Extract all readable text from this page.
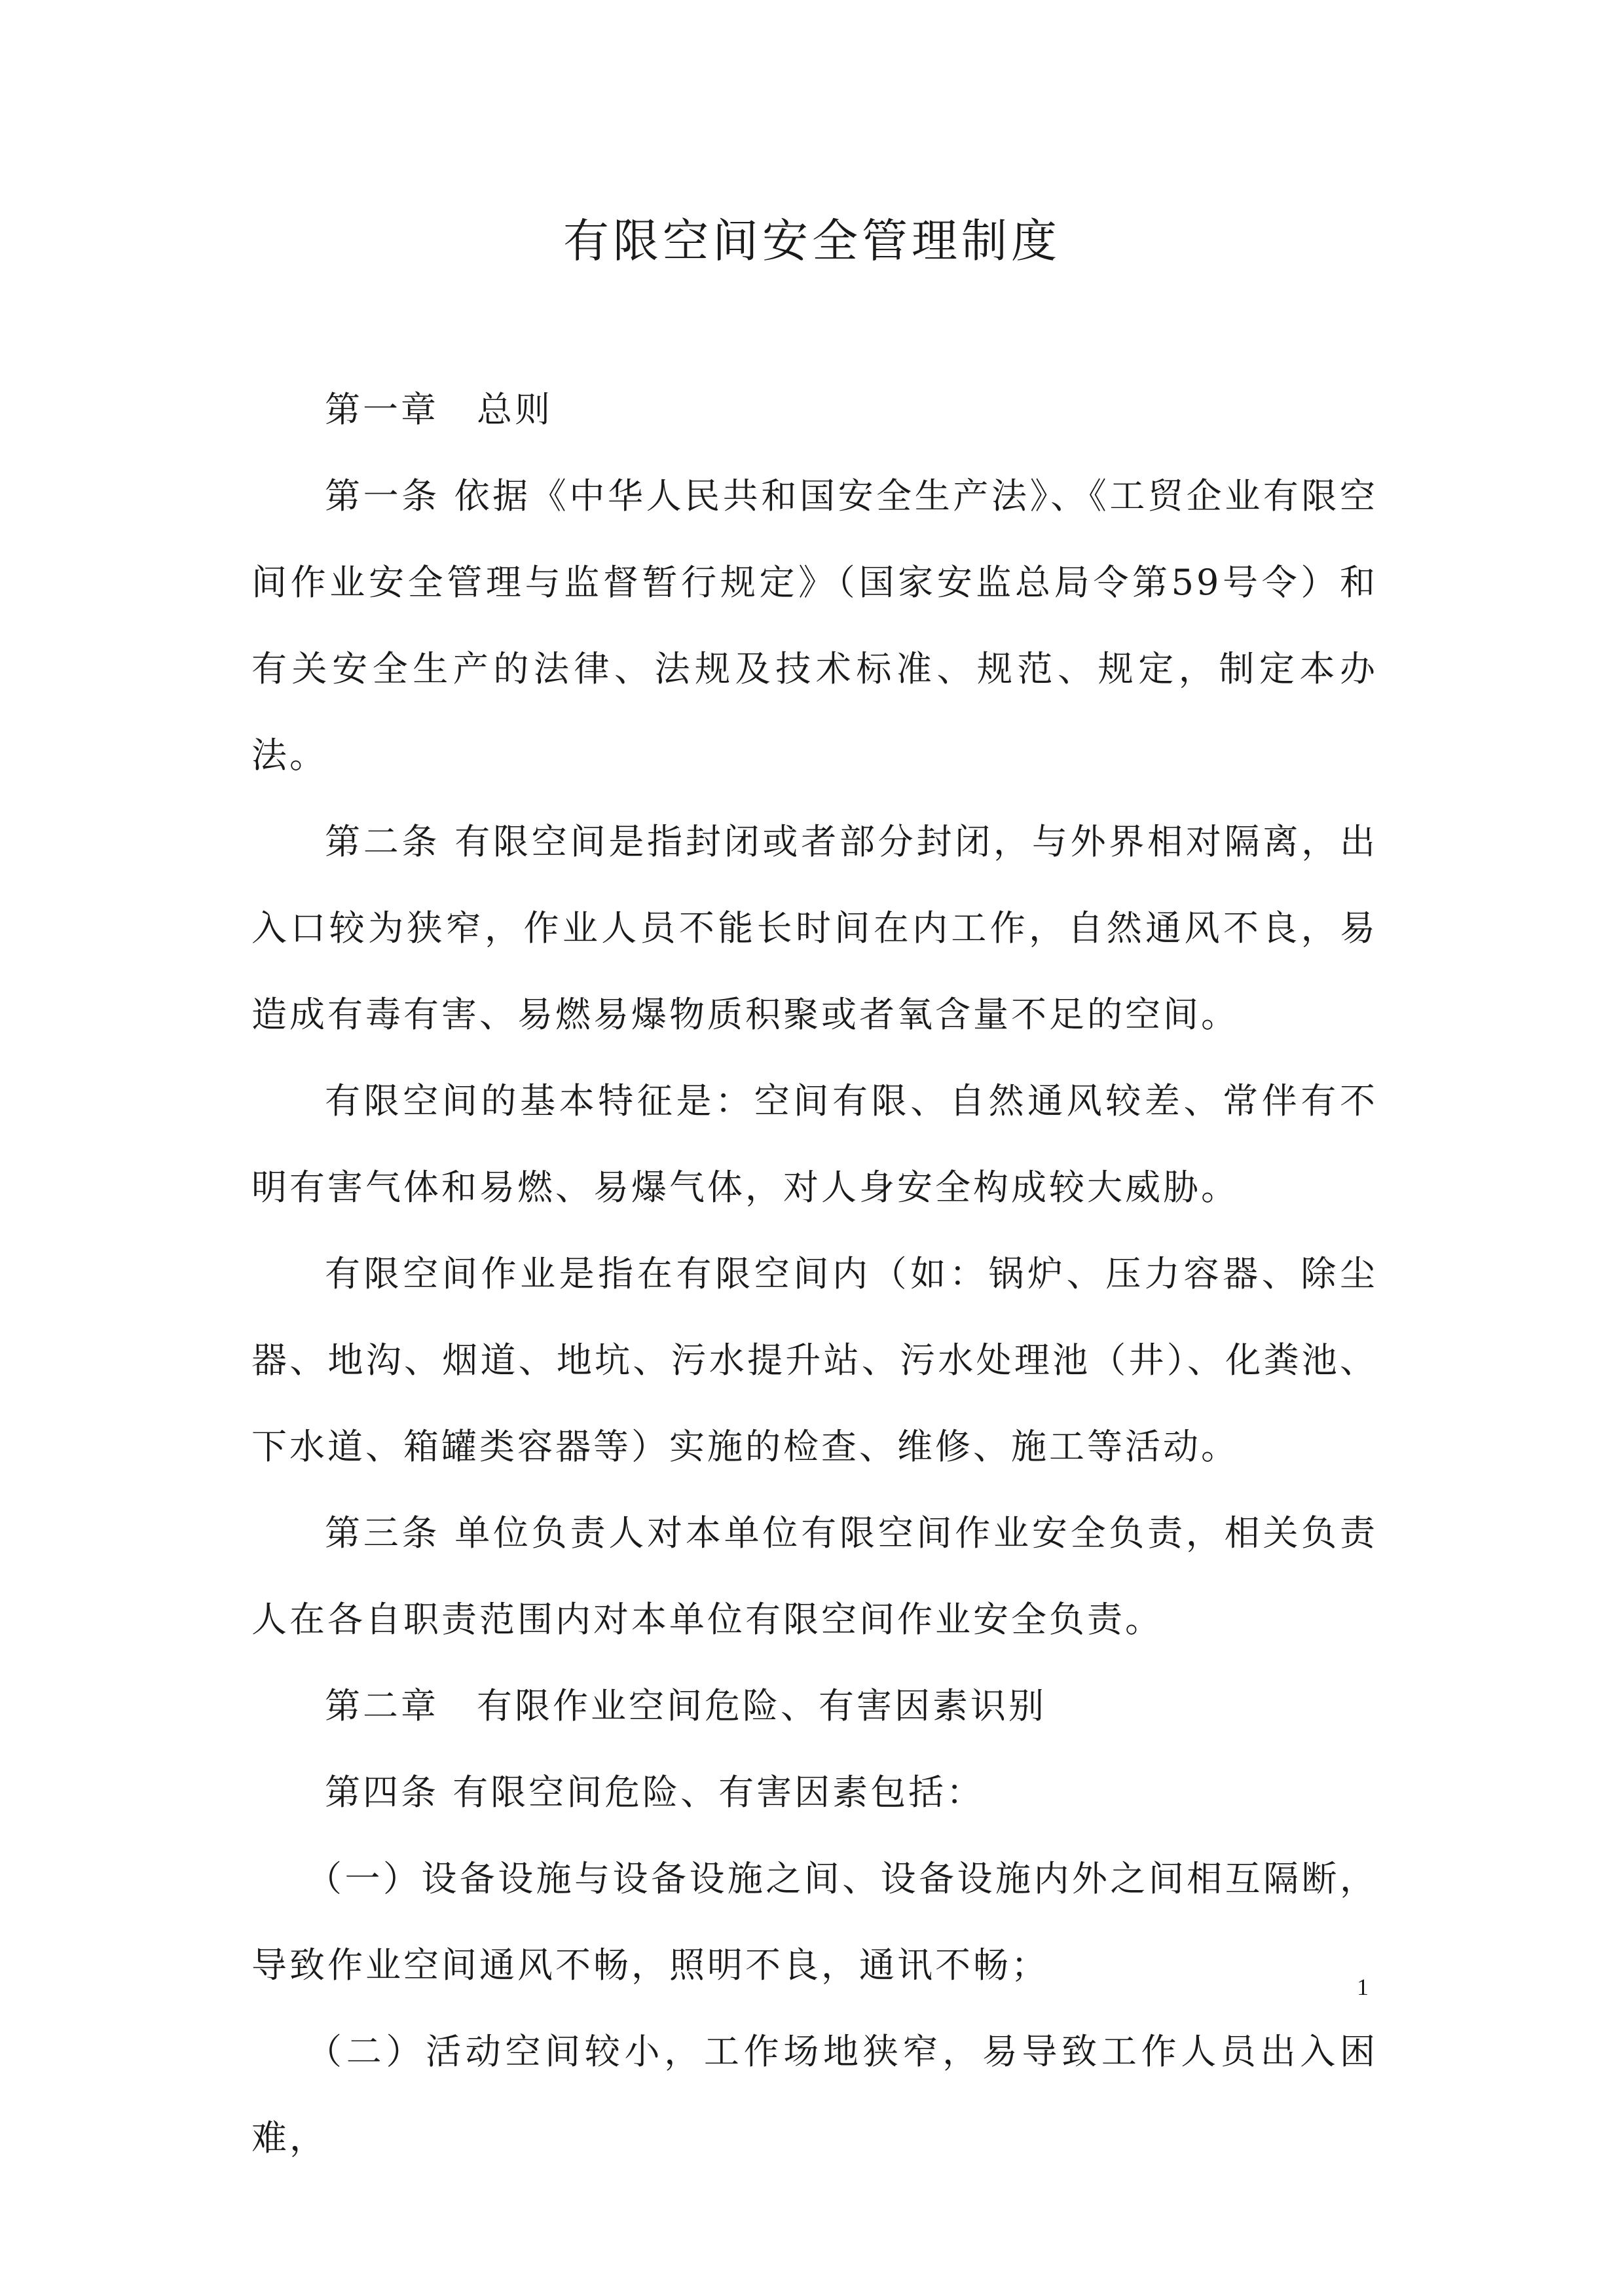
有限空间安全管理制度

第一章　总则

第一条 依据《中华人民共和国安全生产法》、《工贸企业有限空间作业安全管理与监督暂行规定》（国家安监总局令第59号令）和有关安全生产的法律、法规及技术标准、规范、规定，制定本办法。

第二条 有限空间是指封闭或者部分封闭，与外界相对隔离，出入口较为狭窄，作业人员不能长时间在内工作，自然通风不良，易造成有毒有害、易燃易爆物质积聚或者氧含量不足的空间。

有限空间的基本特征是：空间有限、自然通风较差、常伴有不明有害气体和易燃、易爆气体，对人身安全构成较大威胁。

有限空间作业是指在有限空间内（如：锅炉、压力容器、除尘器、地沟、烟道、地坑、污水提升站、污水处理池（井）、化粪池、下水道、箱罐类容器等）实施的检查、维修、施工等活动。

第三条 单位负责人对本单位有限空间作业安全负责，相关负责人在各自职责范围内对本单位有限空间作业安全负责。

第二章　有限作业空间危险、有害因素识别

第四条 有限空间危险、有害因素包括：

（一）设备设施与设备设施之间、设备设施内外之间相互隔断，导致作业空间通风不畅，照明不良，通讯不畅；

（二）活动空间较小，工作场地狭窄，易导致工作人员出入困难，

1
